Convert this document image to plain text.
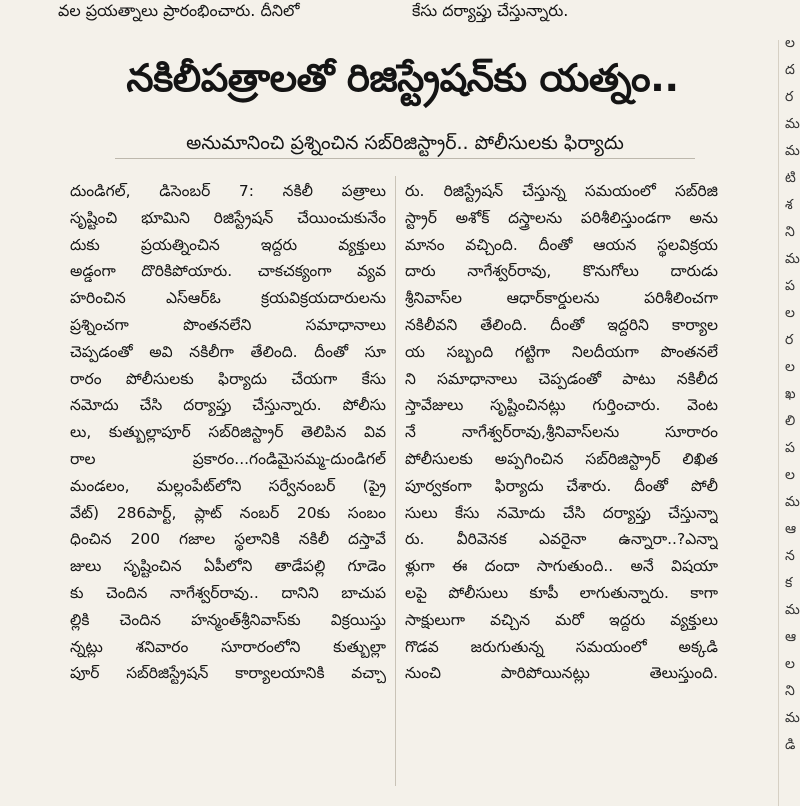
వల ప్రయత్నాలు ప్రారంభించారు. దీనిలో	కేసు దర్యాప్తు చేస్తున్నారు.
నకిలీపత్రాలతో రిజిస్ట్రేషన్‌కు యత్నం..
అనుమానించి ప్రశ్నించిన సబ్‌రిజిస్ట్రార్.. పోలీసులకు ఫిర్యాదు
దుండిగల్, డిసెంబర్ 7: నకిలీ పత్రాలు
సృష్టించి భూమిని రిజిస్ట్రేషన్ చేయించుకునేం
దుకు ప్రయత్నించిన ఇద్దరు వ్యక్తులు
అడ్డంగా దొరికిపోయారు. చాకచక్యంగా వ్యవ
హరించిన ఎస్ఆర్ఓ క్రయవిక్రయదారులను
ప్రశ్నించగా పొంతనలేని సమాధానాలు
చెప్పడంతో అవి నకిలీగా తేలింది. దీంతో సూ
రారం పోలీసులకు ఫిర్యాదు చేయగా కేసు
నమోదు చేసి దర్యాప్తు చేస్తున్నారు. పోలీసు
లు, కుత్బుల్లాపూర్ సబ్‌రిజిస్ట్రార్ తెలిపిన వివ
రాల ప్రకారం...గండిమైసమ్మ-దుండిగల్
మండలం, మల్లంపేట్‌లోని సర్వేనంబర్ (ప్రై
వేట్) 286పార్ట్, ప్లాట్ నంబర్ 20కు సంబం
ధించిన 200 గజాల స్థలానికి నకిలీ దస్తావే
జులు సృష్టించిన ఏపీలోని తాడేపల్లి గూడెం
కు చెందిన నాగేశ్వర్‌రావు.. దానిని బాచుప
ల్లికి చెందిన హన్మంత్‌శ్రీనివాస్‌కు విక్రయిస్తు
న్నట్లు శనివారం సూరారంలోని కుత్బుల్లా
పూర్ సబ్‌రిజిస్ట్రేషన్ కార్యాలయానికి వచ్చా
రు. రిజిస్ట్రేషన్ చేస్తున్న సమయంలో సబ్‌రిజి
స్ట్రార్ అశోక్ దస్త్రాలను పరిశీలిస్తుండగా అను
మానం వచ్చింది. దీంతో ఆయన స్థలవిక్రయ
దారు నాగేశ్వర్‌రావు, కొనుగోలు దారుడు
శ్రీనివాస్‌ల ఆధార్‌కార్డులను పరిశీలించగా
నకిలీవని తేలింది. దీంతో ఇద్దరిని కార్యాల
య సబ్బంది గట్టిగా నిలదీయగా పొంతనలే
ని సమాధానాలు చెప్పడంతో పాటు నకిలీద
స్తావేజులు సృష్టించినట్లు గుర్తించారు. వెంట
నే నాగేశ్వర్‌రావు,శ్రీనివాస్‌లను సూరారం
పోలీసులకు అప్పగించిన సబ్‌రిజిస్ట్రార్ లిఖిత
పూర్వకంగా ఫిర్యాదు చేశారు. దీంతో పోలీ
సులు కేసు నమోదు చేసి దర్యాప్తు చేస్తున్నా
రు. వీరివెనక ఎవరైనా ఉన్నారా..?ఎన్నా
ళ్లుగా ఈ దందా సాగుతుంది.. అనే విషయా
లపై పోలీసులు కూపీ లాగుతున్నారు. కాగా
సాక్షులుగా వచ్చిన మరో ఇద్దరు వ్యక్తులు
గొడవ జరుగుతున్న సమయంలో అక్కడి
నుంచి పారిపోయినట్లు తెలుస్తుంది.
ల
ద
ర
మ
మ
టి
శ
ని
మ
ప
ల
ర
ల
ఖ
లి
ప
ల
మ
ఆ
న
క
మ
ఆ
ల
ని
మ
డి
